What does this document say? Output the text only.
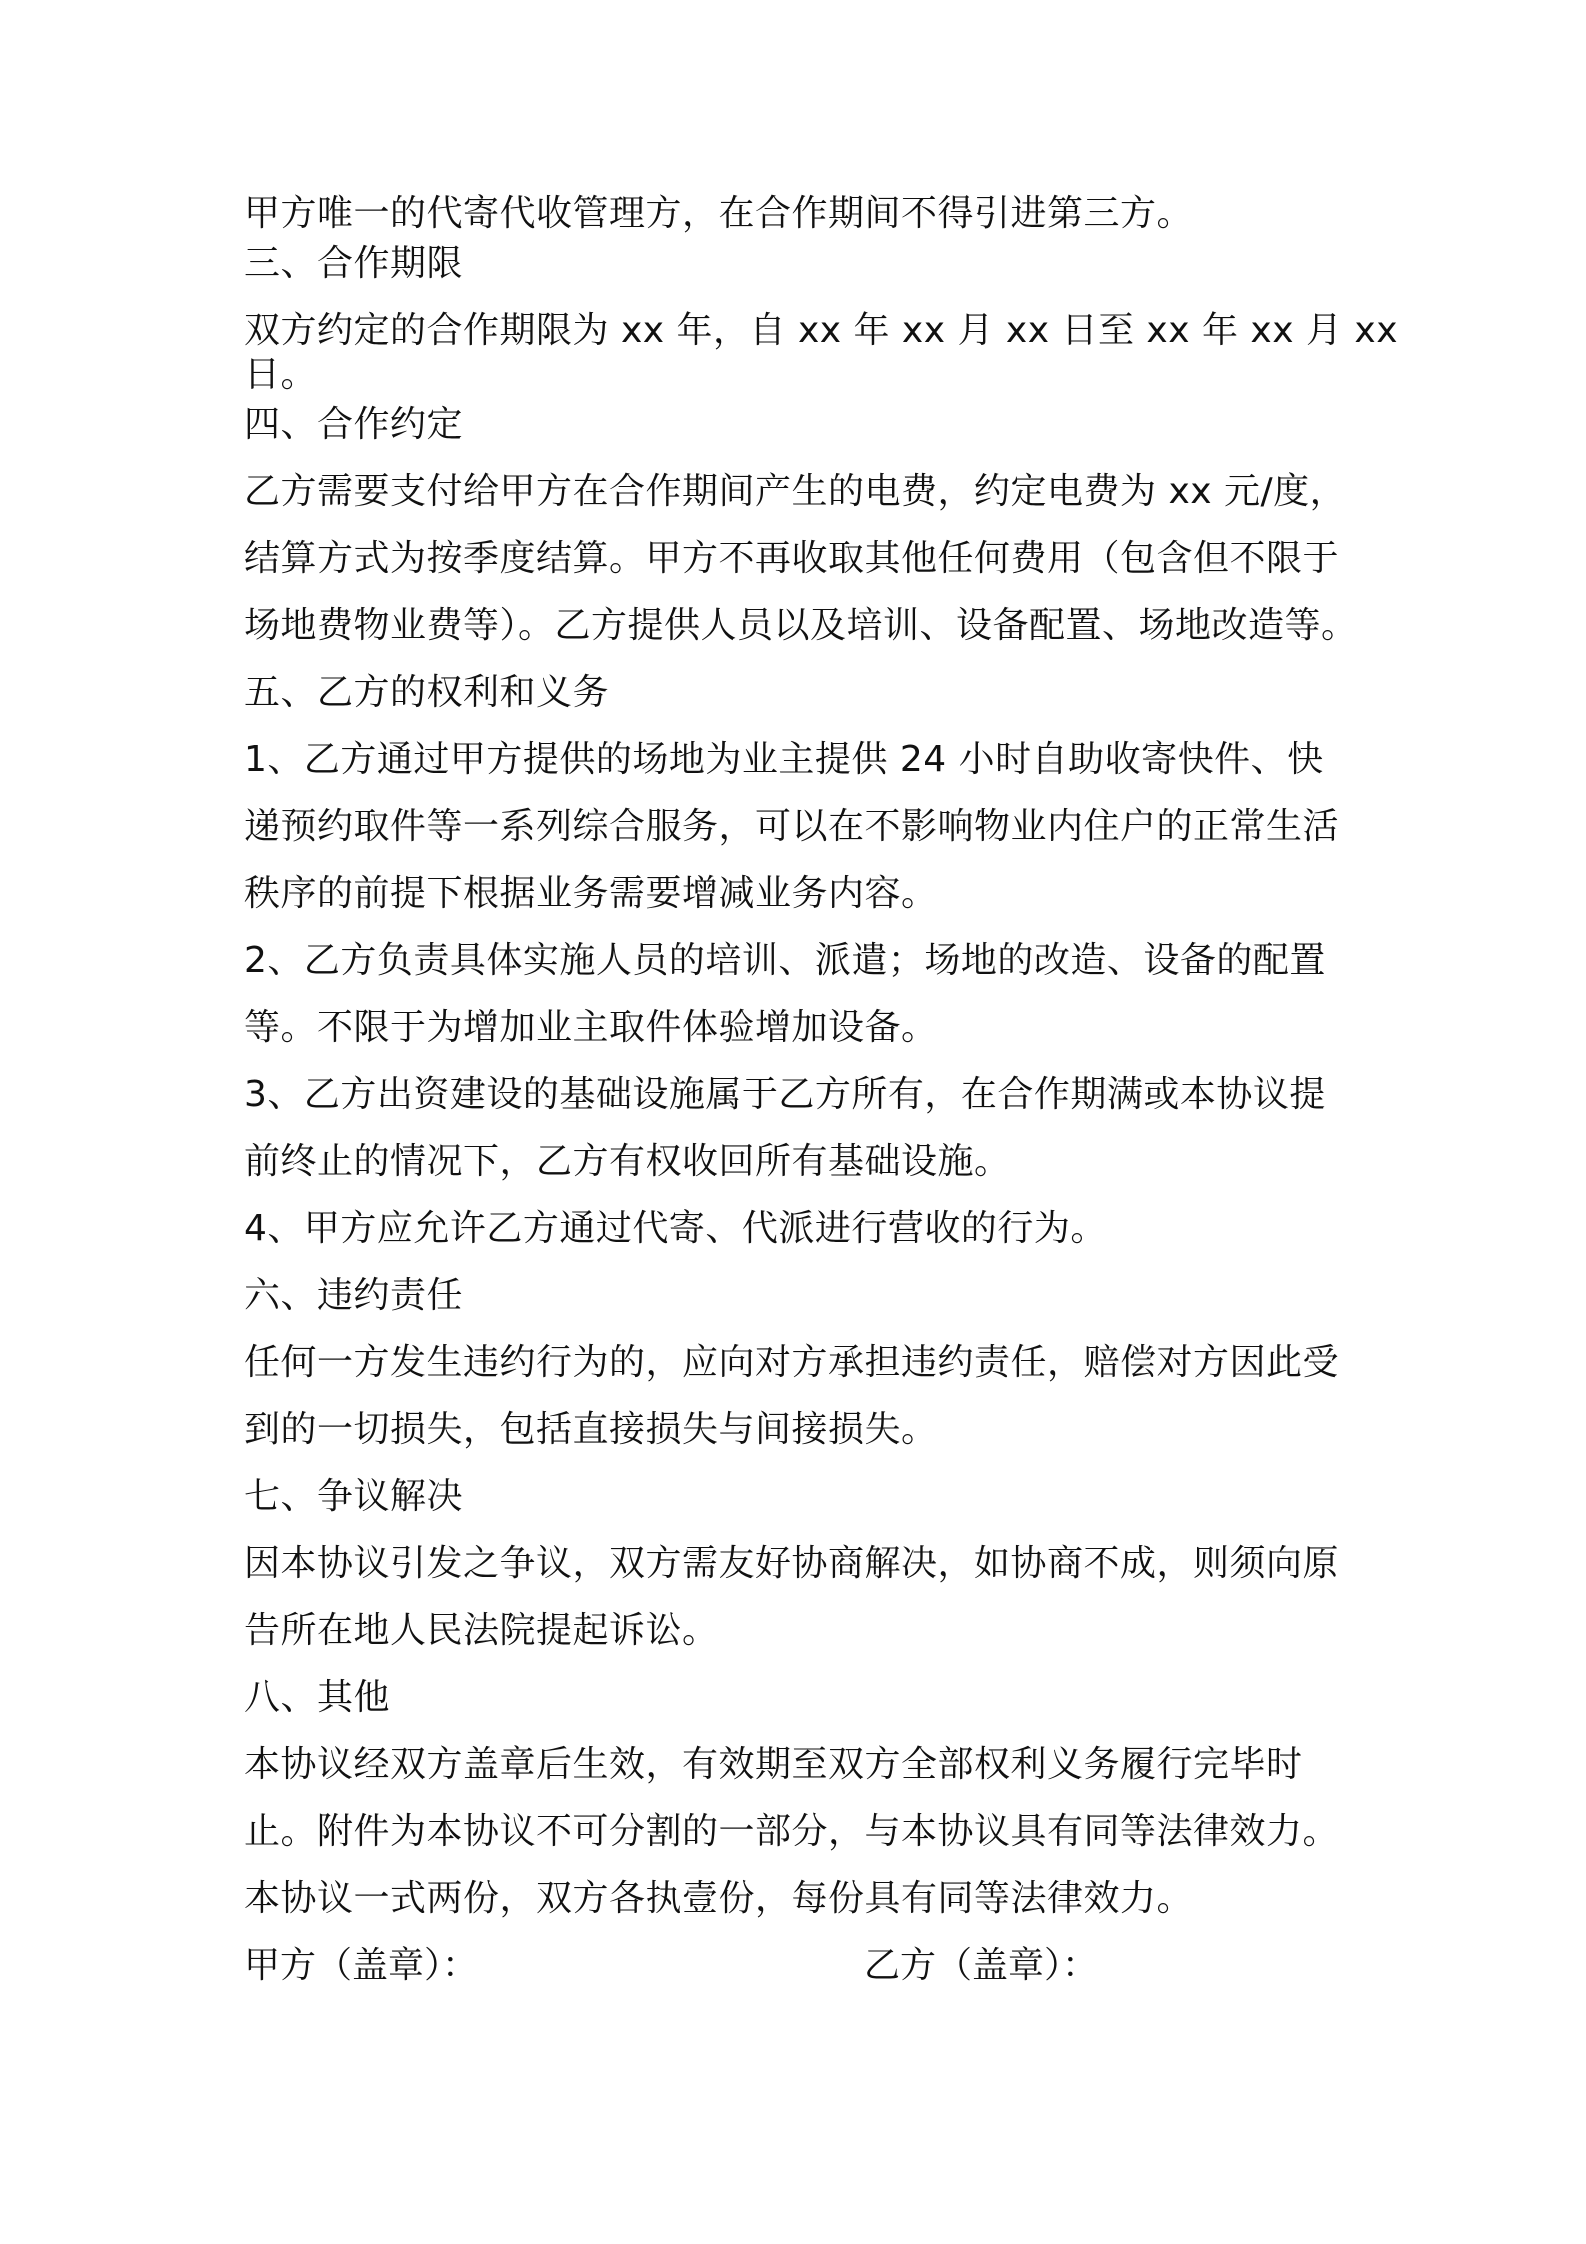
甲方唯一的代寄代收管理方，在合作期间不得引进第三方。

三、合作期限

双方约定的合作期限为 xx 年，自 xx 年 xx 月 xx 日至 xx 年 xx 月 xx

日。

四、合作约定

乙方需要支付给甲方在合作期间产生的电费，约定电费为 xx 元/度，

结算方式为按季度结算。甲方不再收取其他任何费用（包含但不限于

场地费物业费等）。乙方提供人员以及培训、设备配置、场地改造等。

五、乙方的权利和义务

1、乙方通过甲方提供的场地为业主提供 24 小时自助收寄快件、快

递预约取件等一系列综合服务，可以在不影响物业内住户的正常生活

秩序的前提下根据业务需要增减业务内容。

2、乙方负责具体实施人员的培训、派遣；场地的改造、设备的配置

等。不限于为增加业主取件体验增加设备。

3、乙方出资建设的基础设施属于乙方所有，在合作期满或本协议提

前终止的情况下，乙方有权收回所有基础设施。

4、甲方应允许乙方通过代寄、代派进行营收的行为。

六、违约责任

任何一方发生违约行为的，应向对方承担违约责任，赔偿对方因此受

到的一切损失，包括直接损失与间接损失。

七、争议解决

因本协议引发之争议，双方需友好协商解决，如协商不成，则须向原

告所在地人民法院提起诉讼。

八、其他

本协议经双方盖章后生效，有效期至双方全部权利义务履行完毕时

止。附件为本协议不可分割的一部分，与本协议具有同等法律效力。

本协议一式两份，双方各执壹份，每份具有同等法律效力。

甲方（盖章）：	乙方（盖章）：
